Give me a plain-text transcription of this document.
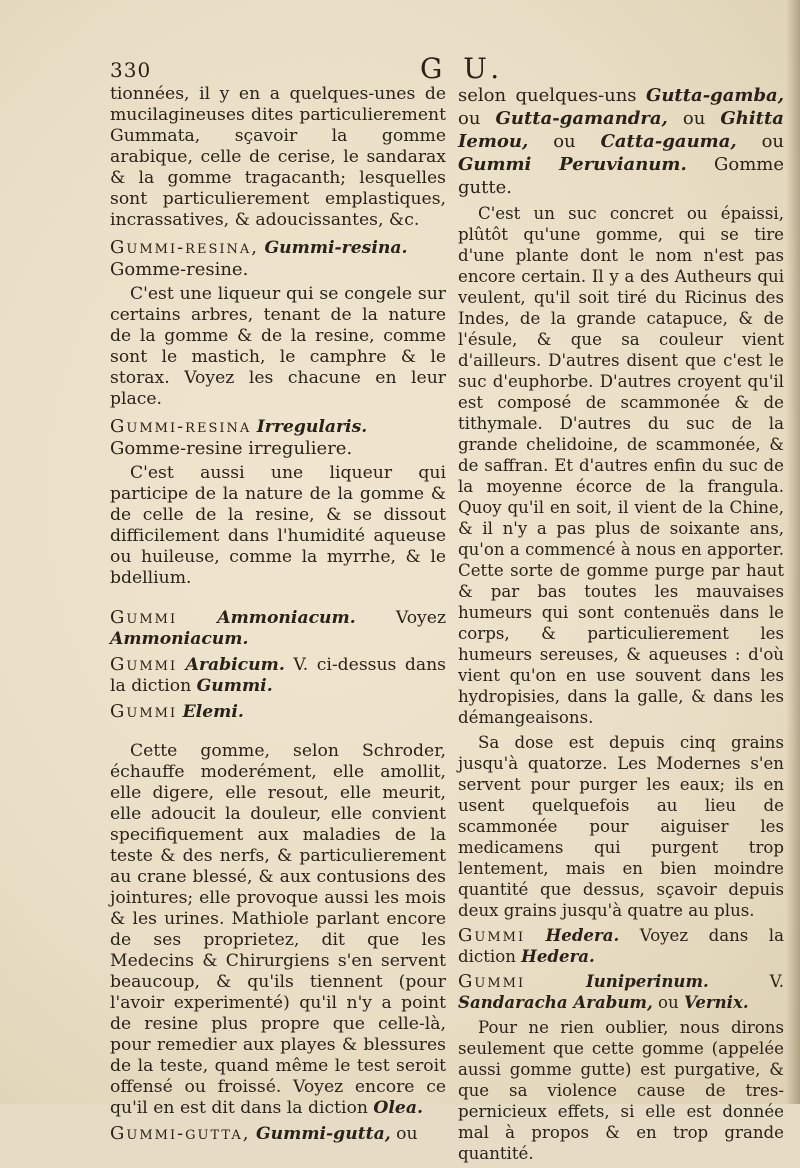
330	G U.

tionnées, il y en a quelques-unes de mucilagineuses dites particulierement Gummata, sçavoir la gomme arabique, celle de cerise, le sandarax & la gomme tragacanth; lesquelles sont particulierement emplastiques, incrassatives, & adoucissantes, &c.

Gummi-resina, Gummi-resina.

Gomme-resine.

C'est une liqueur qui se congele sur certains arbres, tenant de la nature de la gomme & de la resine, comme sont le mastich, le camphre & le storax. Voyez les chacune en leur place.

Gummi-resina Irregularis.

Gomme-resine irreguliere.

C'est aussi une liqueur qui participe de la nature de la gomme & de celle de la resine, & se dissout difficilement dans l'humidité aqueuse ou huileuse, comme la myrrhe, & le bdellium.

Gummi Ammoniacum. Voyez Ammoniacum.

Gummi Arabicum. V. ci-dessus dans la diction Gummi.

Gummi Elemi.

Cette gomme, selon Schroder, échauffe moderément, elle amollit, elle digere, elle resout, elle meurit, elle adoucit la douleur, elle convient specifiquement aux maladies de la teste & des nerfs, & particulierement au crane blessé, & aux contusions des jointures; elle provoque aussi les mois & les urines. Mathiole parlant encore de ses proprietez, dit que les Medecins & Chirurgiens s'en servent beaucoup, & qu'ils tiennent (pour l'avoir experimenté) qu'il n'y a point de resine plus propre que celle-là, pour remedier aux playes & blessures de la teste, quand même le test seroit offensé ou froissé. Voyez encore ce qu'il en est dit dans la diction Olea.

Gummi-gutta, Gummi-gutta, ou

selon quelques-uns Gutta-gamba, ou Gutta-gamandra, ou Ghitta Iemou, ou Catta-gauma, ou Gummi Peruvianum. Gomme gutte.

C'est un suc concret ou épaissi, plûtôt qu'une gomme, qui se tire d'une plante dont le nom n'est pas encore certain. Il y a des Autheurs qui veulent, qu'il soit tiré du Ricinus des Indes, de la grande catapuce, & de l'ésule, & que sa couleur vient d'ailleurs. D'autres disent que c'est le suc d'euphorbe. D'autres croyent qu'il est composé de scammonée & de tithymale. D'autres du suc de la grande chelidoine, de scammonée, & de saffran. Et d'autres enfin du suc de la moyenne écorce de la frangula. Quoy qu'il en soit, il vient de la Chine, & il n'y a pas plus de soixante ans, qu'on a commencé à nous en apporter. Cette sorte de gomme purge par haut & par bas toutes les mauvaises humeurs qui sont contenuës dans le corps, & particulierement les humeurs sereuses, & aqueuses : d'où vient qu'on en use souvent dans les hydropisies, dans la galle, & dans les démangeaisons.

Sa dose est depuis cinq grains jusqu'à quatorze. Les Modernes s'en servent pour purger les eaux; ils en usent quelquefois au lieu de scammonée pour aiguiser les medicamens qui purgent trop lentement, mais en bien moindre quantité que dessus, sçavoir depuis deux grains jusqu'à quatre au plus.

Gummi Hedera. Voyez dans la diction Hedera.

Gummi	Iuniperinum.	V. Sandaracha Arabum, ou Vernix.

Pour ne rien oublier, nous dirons seulement que cette gomme (appelée aussi gomme gutte) est purgative, & que sa violence cause de tres-pernicieux effets, si elle est donnée mal à propos & en trop grande quantité.
